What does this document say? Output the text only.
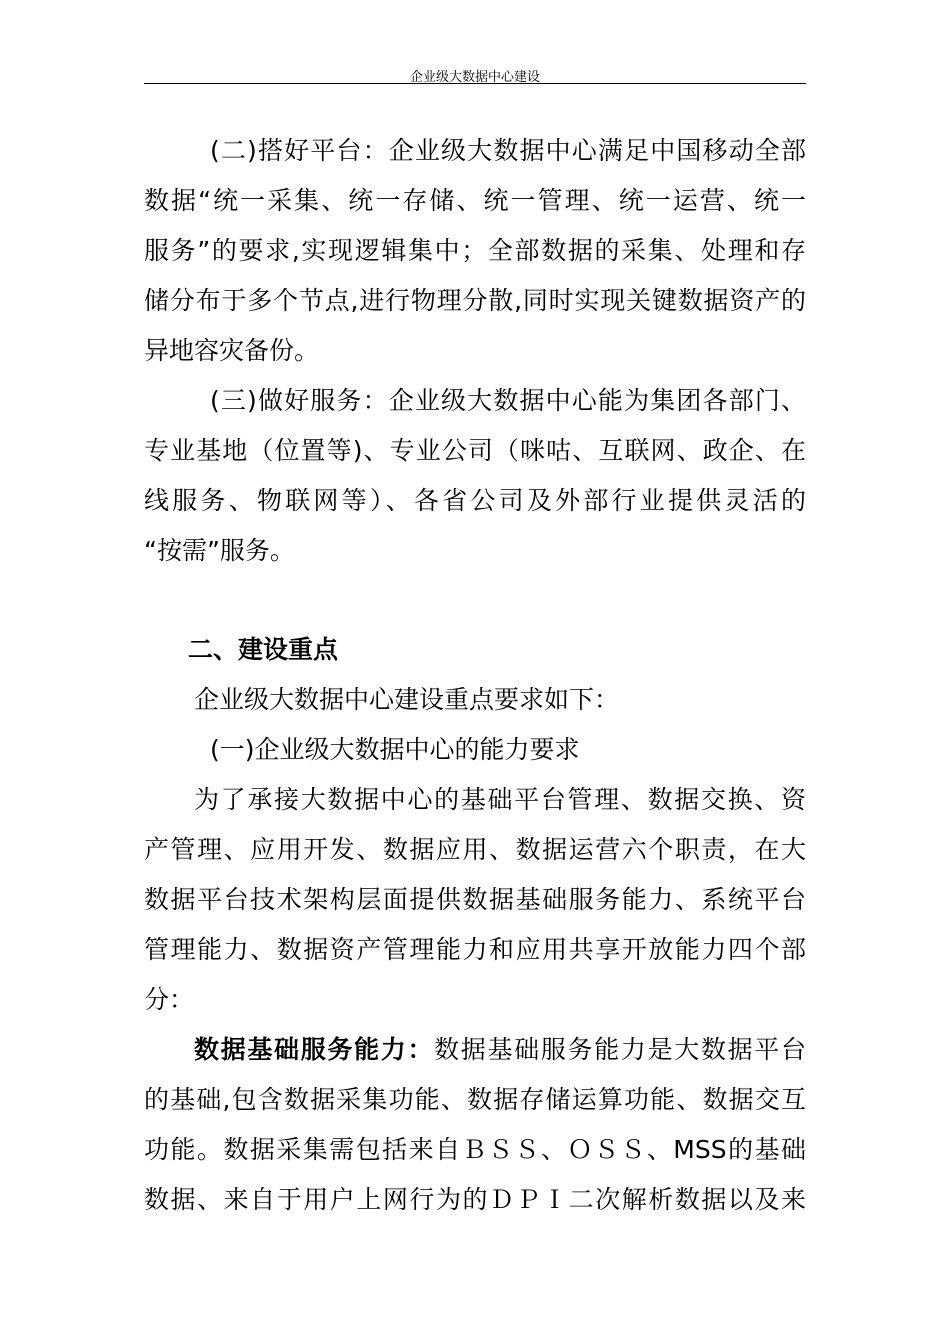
企业级大数据中心建设
(二)搭好平台：企业级大数据中心满足中国移动全部
数据“统一采集、统一存储、统一管理、统一运营、统一
服务”的要求,实现逻辑集中；全部数据的采集、处理和存
储分布于多个节点,进行物理分散,同时实现关键数据资产的
异地容灾备份。
(三)做好服务：企业级大数据中心能为集团各部门、
专业基地（位置等)、专业公司（咪咕、互联网、政企、在
线服务、物联网等）、各省公司及外部行业提供灵活的
“按需”服务。
二、建设重点
企业级大数据中心建设重点要求如下：
(一)企业级大数据中心的能力要求
为了承接大数据中心的基础平台管理、数据交换、资
产管理、应用开发、数据应用、数据运营六个职责，在大
数据平台技术架构层面提供数据基础服务能力、系统平台
管理能力、数据资产管理能力和应用共享开放能力四个部
分：
数据基础服务能力：数据基础服务能力是大数据平台
的基础,包含数据采集功能、数据存储运算功能、数据交互
功能。数据采集需包括来自ＢＳＳ、ＯＳＳ、MSS的基础
数据、来自于用户上网行为的ＤＰＩ二次解析数据以及来
